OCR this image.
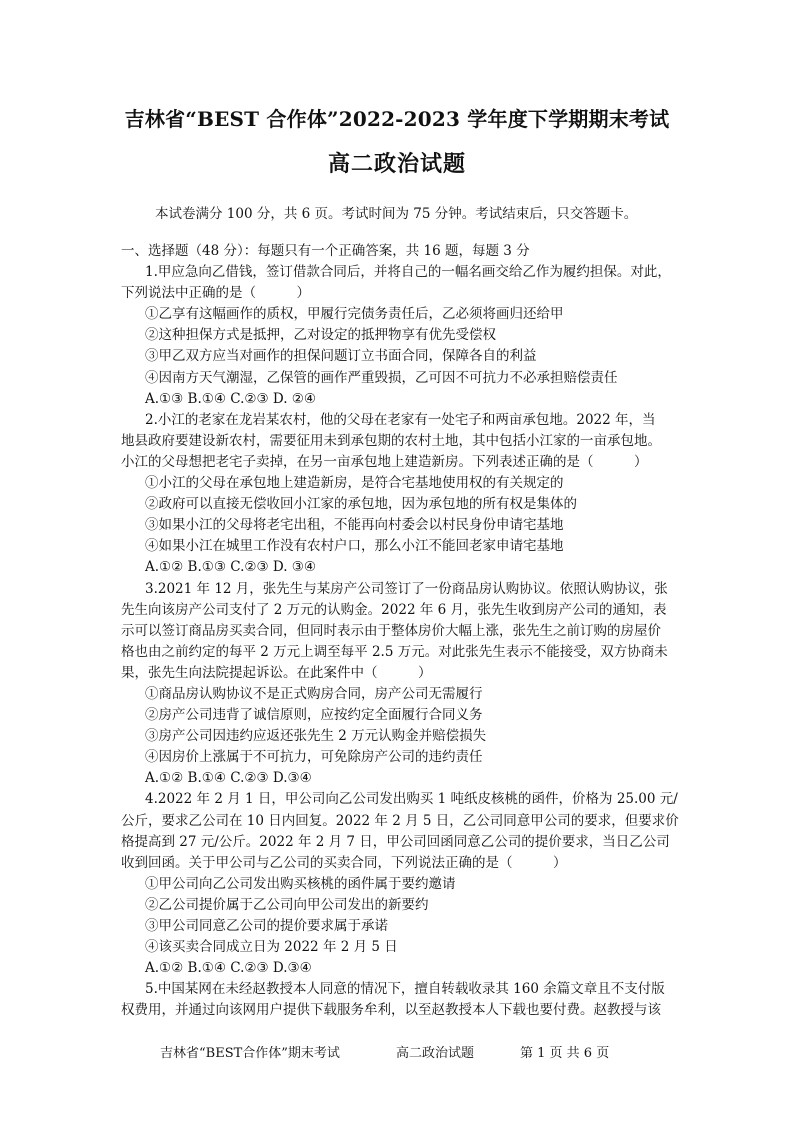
吉林省“BEST 合作体”2022-2023 学年度下学期期末考试
高二政治试题
本试卷满分 100 分，共 6 页。考试时间为 75 分钟。考试结束后，只交答题卡。
一、选择题（48 分）：每题只有一个正确答案，共 16 题，每题 3 分
1.甲应急向乙借钱，签订借款合同后，并将自己的一幅名画交给乙作为履约担保。对此，
下列说法中正确的是（　　　）
①乙享有这幅画作的质权，甲履行完债务责任后，乙必须将画归还给甲
②这种担保方式是抵押，乙对设定的抵押物享有优先受偿权
③甲乙双方应当对画作的担保问题订立书面合同，保障各自的利益
④因南方天气潮湿，乙保管的画作严重毁损，乙可因不可抗力不必承担赔偿责任
A.①③ B.①④ C.②③ D. ②④
2.小江的老家在龙岩某农村，他的父母在老家有一处宅子和两亩承包地。2022 年，当
地县政府要建设新农村，需要征用未到承包期的农村土地，其中包括小江家的一亩承包地。
小江的父母想把老宅子卖掉，在另一亩承包地上建造新房。下列表述正确的是（　　　）
①小江的父母在承包地上建造新房，是符合宅基地使用权的有关规定的
②政府可以直接无偿收回小江家的承包地，因为承包地的所有权是集体的
③如果小江的父母将老宅出租，不能再向村委会以村民身份申请宅基地
④如果小江在城里工作没有农村户口，那么小江不能回老家申请宅基地
A.①② B.①③ C.②③ D. ③④
3.2021 年 12 月，张先生与某房产公司签订了一份商品房认购协议。依照认购协议，张
先生向该房产公司支付了 2 万元的认购金。2022 年 6 月，张先生收到房产公司的通知，表
示可以签订商品房买卖合同，但同时表示由于整体房价大幅上涨，张先生之前订购的房屋价
格也由之前约定的每平 2 万元上调至每平 2.5 万元。对此张先生表示不能接受，双方协商未
果，张先生向法院提起诉讼。在此案件中（　　　）
①商品房认购协议不是正式购房合同，房产公司无需履行
②房产公司违背了诚信原则，应按约定全面履行合同义务
③房产公司因违约应返还张先生 2 万元认购金并赔偿损失
④因房价上涨属于不可抗力，可免除房产公司的违约责任
A.①② B.①④ C.②③ D.③④
4.2022 年 2 月 1 日，甲公司向乙公司发出购买 1 吨纸皮核桃的函件，价格为 25.00 元/
公斤，要求乙公司在 10 日内回复。2022 年 2 月 5 日，乙公司同意甲公司的要求，但要求价
格提高到 27 元/公斤。2022 年 2 月 7 日，甲公司回函同意乙公司的提价要求，当日乙公司
收到回函。关于甲公司与乙公司的买卖合同，下列说法正确的是（　　　）
①甲公司向乙公司发出购买核桃的函件属于要约邀请
②乙公司提价属于乙公司向甲公司发出的新要约
③甲公司同意乙公司的提价要求属于承诺
④该买卖合同成立日为 2022 年 2 月 5 日
A.①② B.①④ C.②③ D.③④
5.中国某网在未经赵教授本人同意的情况下，擅自转载收录其 160 余篇文章且不支付版
权费用，并通过向该网用户提供下载服务牟利，以至赵教授本人下载也要付费。赵教授与该
吉林省“BEST合作体”期末考试	高二政治试题	第 1 页 共 6 页
